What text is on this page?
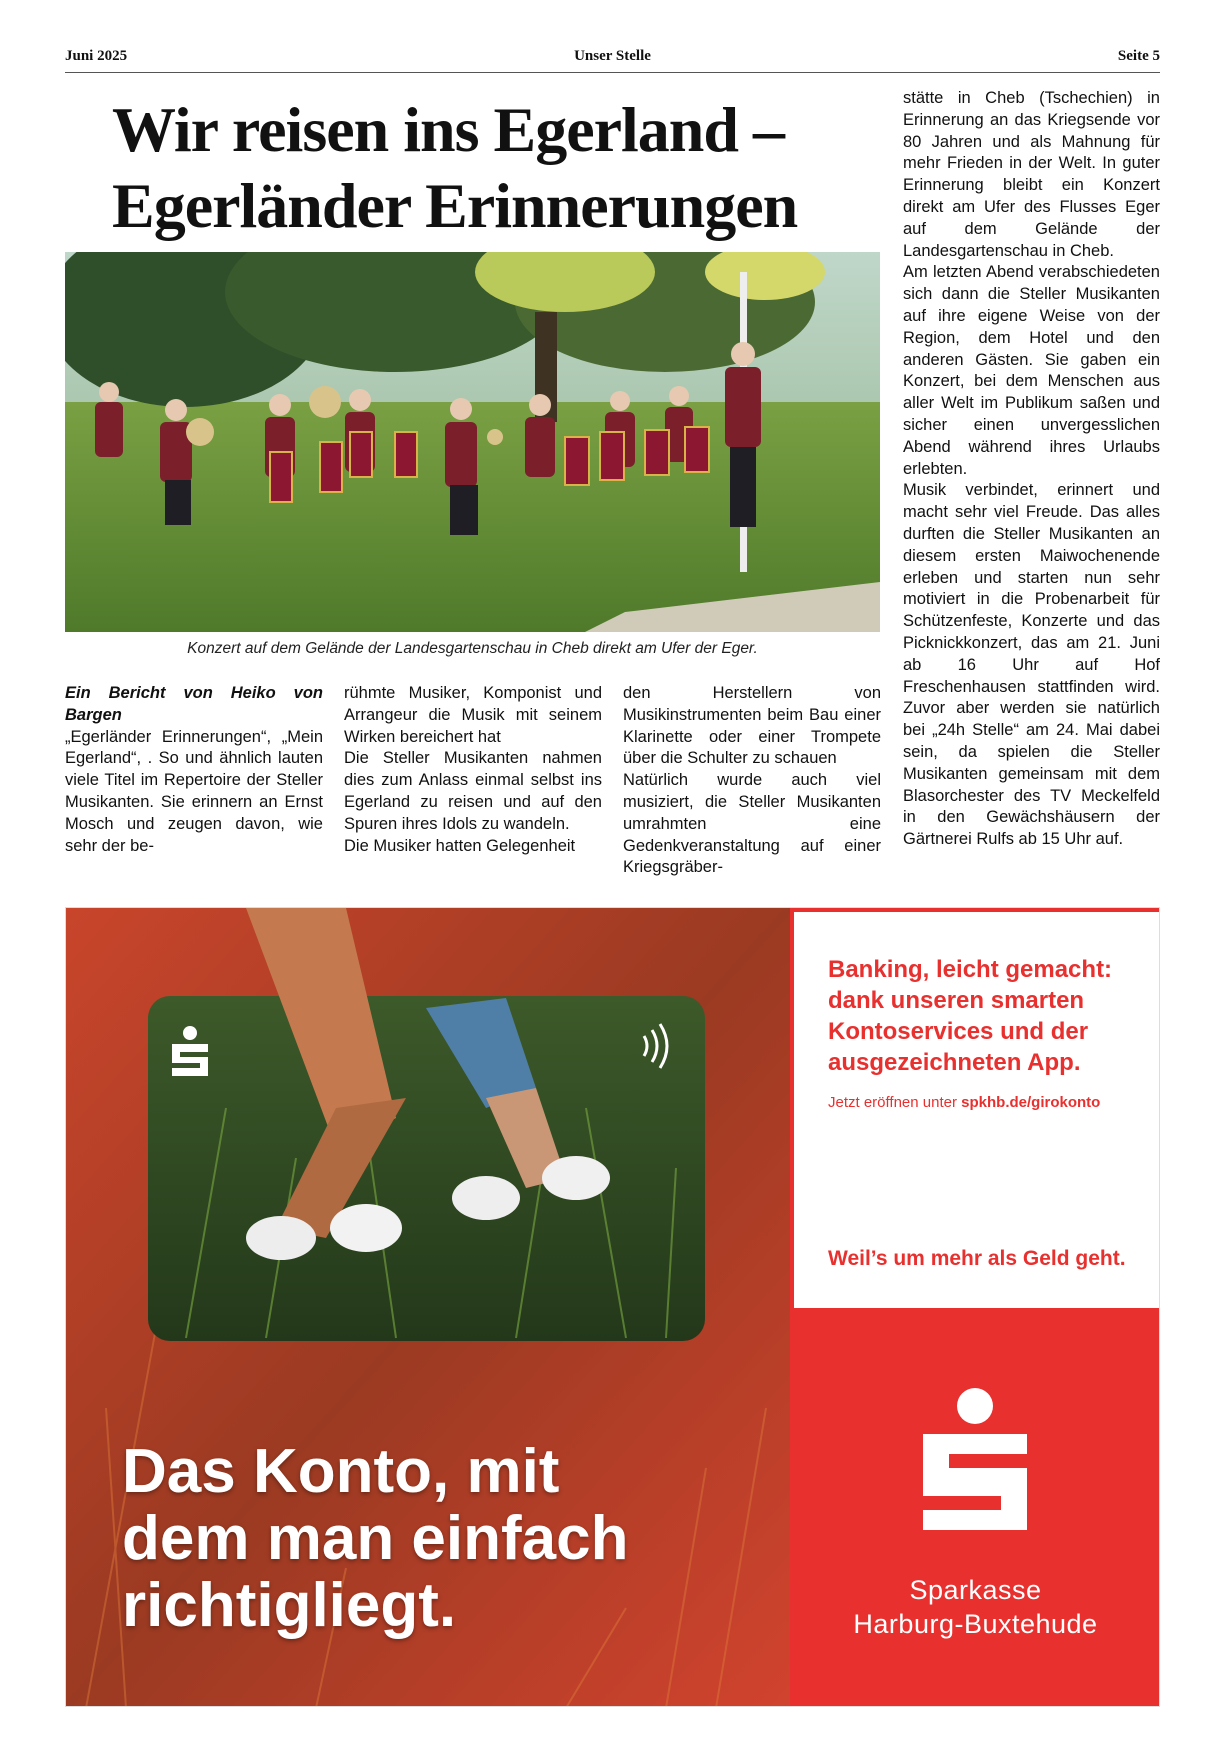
Juni 2025	Unser Stelle	Seite 5
Wir reisen ins Egerland –
Egerländer Erinnerungen
Konzert auf dem Gelände der Landesgartenschau in Cheb direkt am Ufer der Eger.

Ein Bericht von Heiko von Bargen

„Egerländer Erinnerungen“, „Mein Egerland“, . So und ähnlich lauten viele Titel im Repertoire der Steller Musikanten. Sie erinnern an Ernst Mosch und zeugen davon, wie sehr der be-

rühmte Musiker, Komponist und Arrangeur die Musik mit seinem Wirken bereichert hat

Die Steller Musikanten nahmen dies zum Anlass einmal selbst ins Egerland zu reisen und auf den Spuren ihres Idols zu wandeln.

Die Musiker hatten Gelegenheit

den Herstellern von Musikinstrumenten beim Bau einer Klarinette oder einer Trompete über die Schulter zu schauen

Natürlich wurde auch viel musiziert, die Steller Musikanten umrahmten eine Gedenkveranstaltung auf einer Kriegsgräber-

stätte in Cheb (Tschechien) in Erinnerung an das Kriegsende vor 80 Jahren und als Mahnung für mehr Frieden in der Welt. In guter Erinnerung bleibt ein Konzert direkt am Ufer des Flusses Eger auf dem Gelände der Landesgartenschau in Cheb.

Am letzten Abend verabschiedeten sich dann die Steller Musikanten auf ihre eigene Weise von der Region, dem Hotel und den anderen Gästen. Sie gaben ein Konzert, bei dem Menschen aus aller Welt im Publikum saßen und sicher einen unvergesslichen Abend während ihres Urlaubs erlebten.

Musik verbindet, erinnert und macht sehr viel Freude. Das alles durften die Steller Musikanten an diesem ersten Maiwochenende erleben und starten nun sehr motiviert in die Probenarbeit für Schützenfeste, Konzerte und das Picknickkonzert, das am 21. Juni ab 16 Uhr auf Hof Freschenhausen stattfinden wird. Zuvor aber werden sie natürlich bei „24h Stelle“ am 24. Mai dabei sein, da spielen die Steller Musikanten gemeinsam mit dem Blasorchester des TV Meckelfeld in den Gewächshäusern der Gärtnerei Rulfs ab 15 Uhr auf.

Das Konto, mit
dem man einfach
richtigliegt.
Banking, leicht gemacht: dank unseren smarten Kontoservices und der ausgezeichneten App.
Jetzt eröffnen unter spkhb.de/girokonto
Weil’s um mehr als Geld geht.
Sparkasse
Harburg-Buxtehude
